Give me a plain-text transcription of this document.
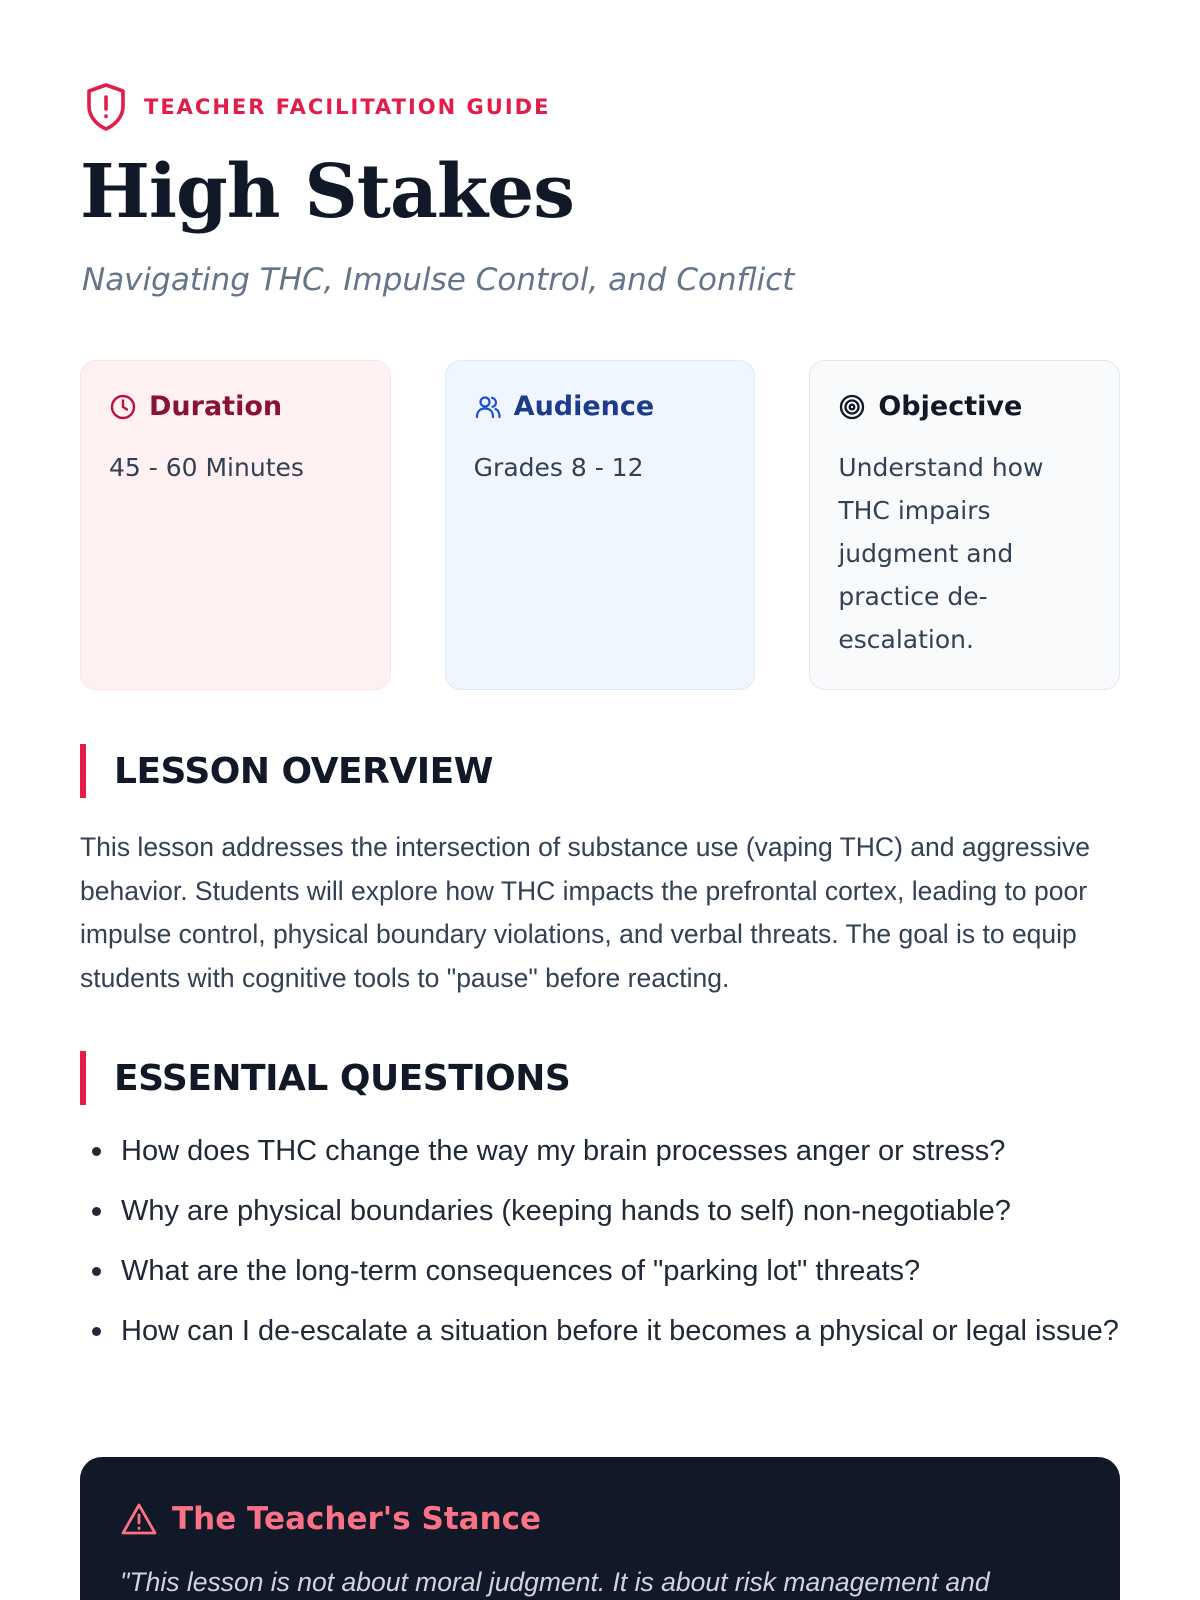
TEACHER FACILITATION GUIDE
High Stakes
Navigating THC, Impulse Control, and Conflict
Duration
45 - 60 Minutes
Audience
Grades 8 - 12
Objective
Understand how THC impairs judgment and practice de-escalation.
LESSON OVERVIEW

This lesson addresses the intersection of substance use (vaping THC) and aggressive behavior. Students will explore how THC impacts the prefrontal cortex, leading to poor impulse control, physical boundary violations, and verbal threats. The goal is to equip students with cognitive tools to "pause" before reacting.

ESSENTIAL QUESTIONS
How does THC change the way my brain processes anger or stress?
Why are physical boundaries (keeping hands to self) non-negotiable?
What are the long-term consequences of "parking lot" threats?
How can I de-escalate a situation before it becomes a physical or legal issue?
The Teacher's Stance
"This lesson is not about moral judgment. It is about risk management and
